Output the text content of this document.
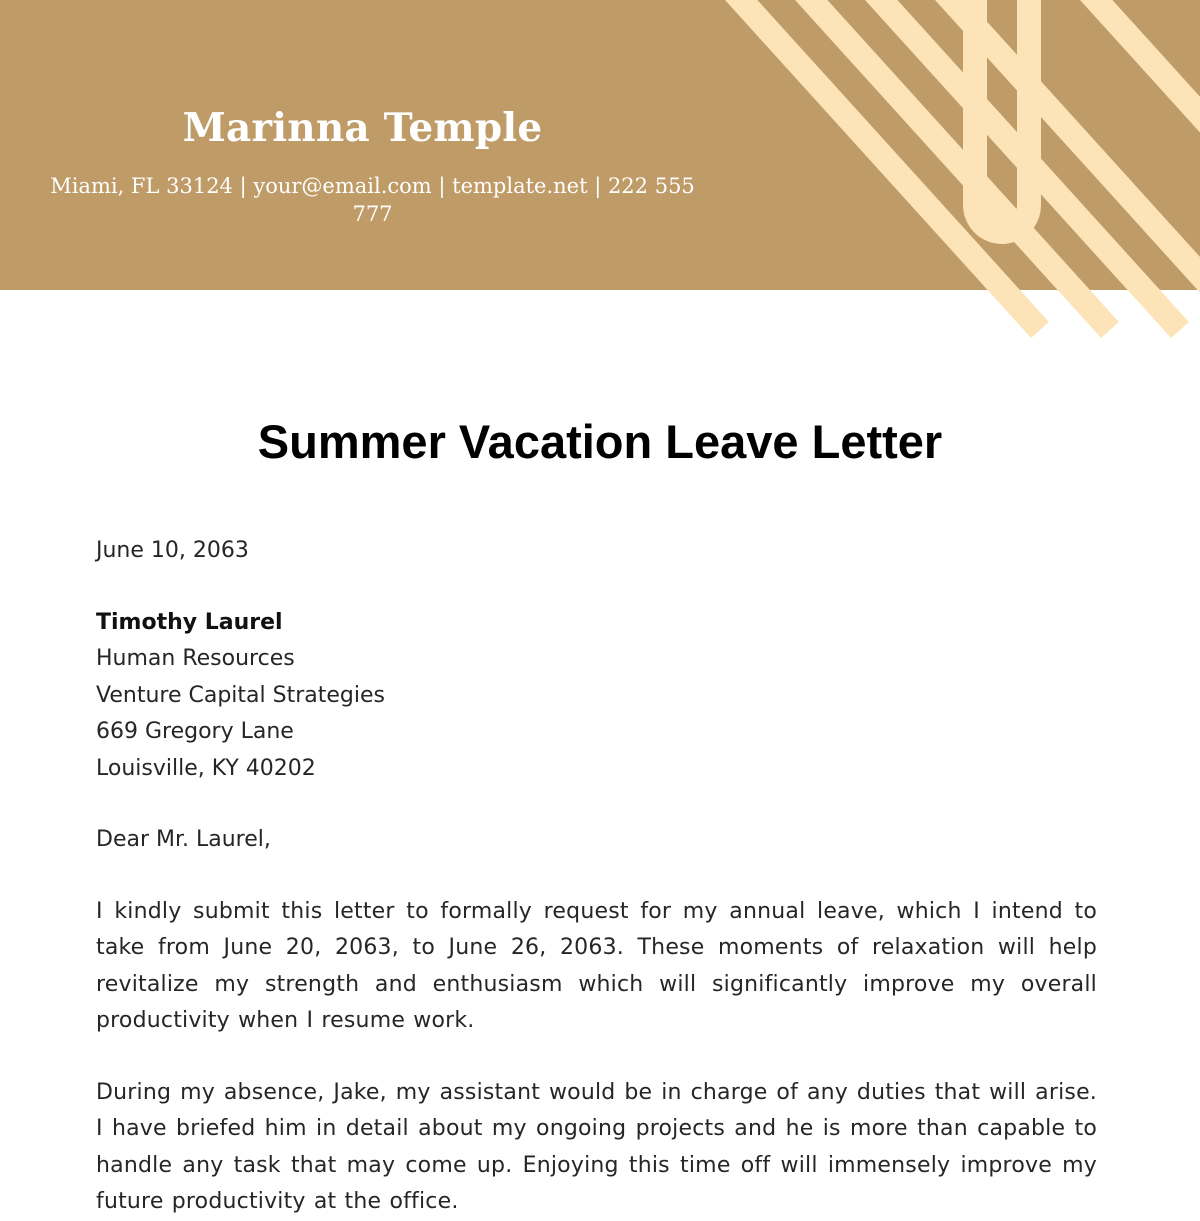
Marinna Temple
Miami, FL 33124 | your@email.com | template.net | 222 555 777
Summer Vacation Leave Letter

June 10, 2063

Timothy Laurel

Human Resources

Venture Capital Strategies

669 Gregory Lane

Louisville, KY 40202

Dear Mr. Laurel,

I kindly submit this letter to formally request for my annual leave, which I intend to take from June 20, 2063, to June 26, 2063. These moments of relaxation will help revitalize my strength and enthusiasm which will significantly improve my overall productivity when I resume work.

During my absence, Jake, my assistant would be in charge of any duties that will arise. I have briefed him in detail about my ongoing projects and he is more than capable to handle any task that may come up. Enjoying this time off will immensely improve my future productivity at the office.
